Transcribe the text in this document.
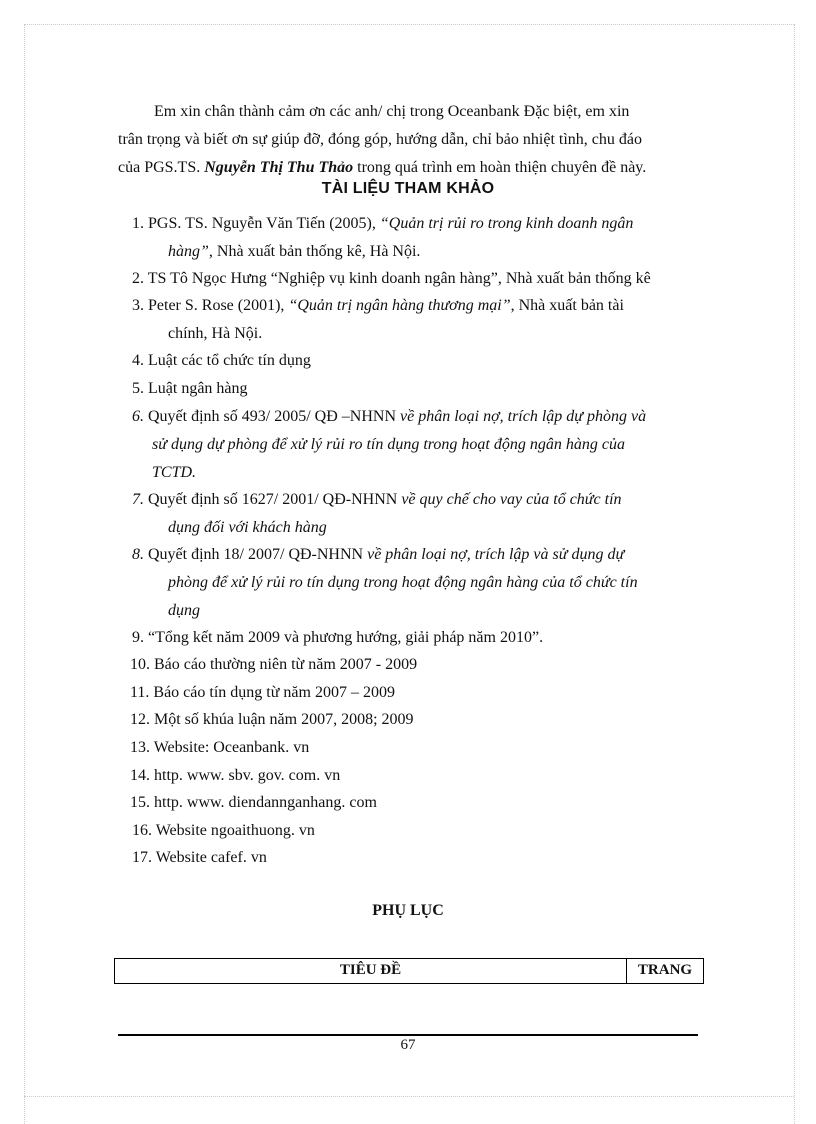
Em xin chân thành cảm ơn các anh/ chị trong Oceanbank Đặc biệt, em xin
trân trọng và biết ơn sự giúp đỡ, đóng góp, hướng dẫn, chỉ bảo nhiệt tình, chu đáo
của PGS.TS. Nguyễn Thị Thu Thảo trong quá trình em hoàn thiện chuyên đề này.
TÀI LIỆU THAM KHẢO
1. PGS. TS. Nguyễn Văn Tiến (2005), “Quản trị rủi ro trong kinh doanh ngân
hàng”, Nhà xuất bản thống kê, Hà Nội.
2. TS Tô Ngọc Hưng “Nghiệp vụ kinh doanh ngân hàng”, Nhà xuất bản thống kê
3. Peter S. Rose (2001), “Quản trị ngân hàng thương mại”, Nhà xuất bản tài
chính, Hà Nội.
4. Luật các tổ chức tín dụng
5. Luật ngân hàng
6. Quyết định số 493/ 2005/ QĐ –NHNN về phân loại nợ, trích lập dự phòng và
sử dụng dự phòng để xử lý rủi ro tín dụng trong hoạt động ngân hàng của
TCTD.
7. Quyết định số 1627/ 2001/ QĐ-NHNN về quy chế cho vay của tổ chức tín
dụng đối với khách hàng
8. Quyết định 18/ 2007/ QĐ-NHNN về phân loại nợ, trích lập và sử dụng dự
phòng để xử lý rủi ro tín dụng trong hoạt động ngân hàng của tổ chức tín
dụng
9. “Tổng kết năm 2009 và phương hướng, giải pháp năm 2010”.
10. Báo cáo thường niên từ năm 2007 - 2009
11. Báo cáo tín dụng từ năm 2007 – 2009
12. Một số khúa luận năm 2007, 2008; 2009
13. Website: Oceanbank. vn
14. http. www. sbv. gov. com. vn
15. http. www. diendannganhang. com
16. Website ngoaithuong. vn
17. Website cafef. vn
PHỤ LỤC
TIÊU ĐỀ	TRANG
67
